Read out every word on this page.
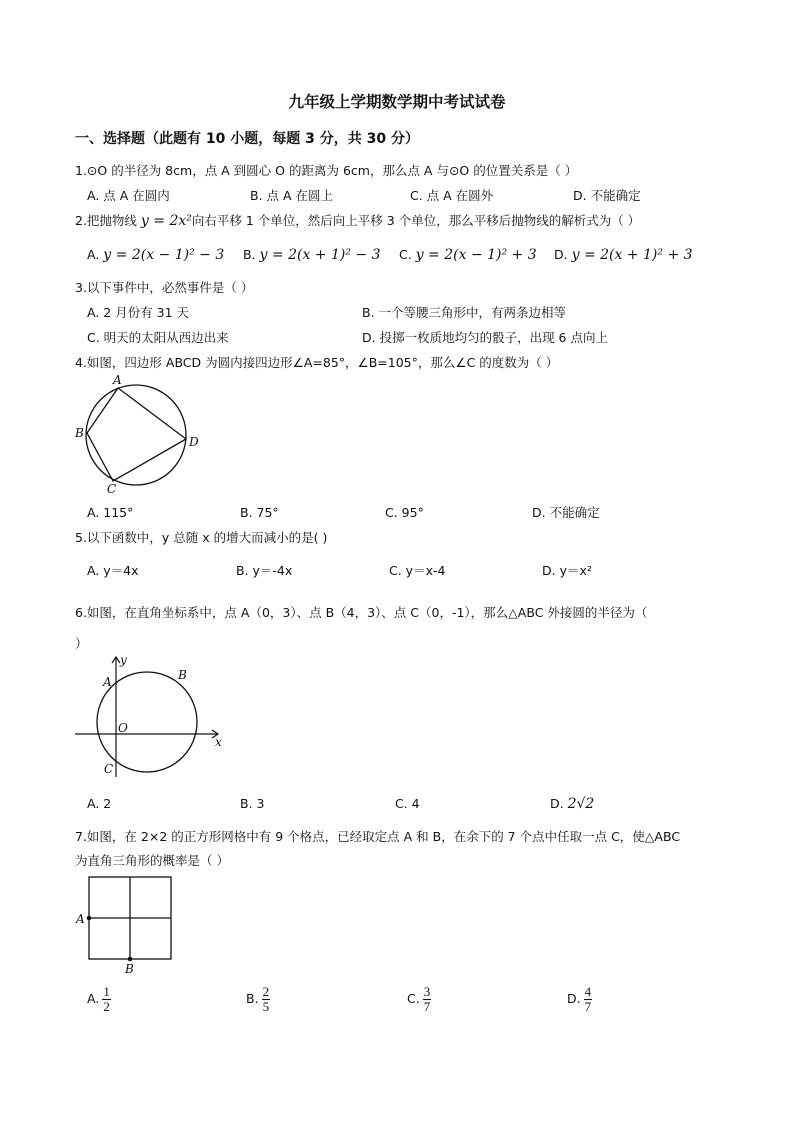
九年级上学期数学期中考试试卷
一、选择题（此题有 10 小题，每题 3 分，共 30 分）
1.⊙O 的半径为 8cm，点 A 到圆心 O 的距离为 6cm，那么点 A 与⊙O 的位置关系是（ ）
A. 点 A 在圆内	B. 点 A 在圆上	C. 点 A 在圆外	D. 不能确定
2.把抛物线 y = 2x²向右平移 1 个单位，然后向上平移 3 个单位，那么平移后抛物线的解析式为（ ）
A. y = 2(x − 1)² − 3 B. y = 2(x + 1)² − 3 C. y = 2(x − 1)² + 3 D. y = 2(x + 1)² + 3
3.以下事件中，必然事件是（ ）
A. 2 月份有 31 天	B. 一个等腰三角形中，有两条边相等
C. 明天的太阳从西边出来	D. 投掷一枚质地均匀的骰子，出现 6 点向上
4.如图，四边形 ABCD 为圆内接四边形∠A=85°，∠B=105°，那么∠C 的度数为（ ）
A
B
C
D
A. 115°	B. 75°	C. 95°	D. 不能确定
5.以下函数中，y 总随 x 的增大而减小的是( )
A. y＝4x	B. y＝-4x	C. y＝x-4	D. y＝x²
6.如图，在直角坐标系中，点 A（0，3）、点 B（4，3）、点 C（0，-1），那么△ABC 外接圆的半径为（
）
A	B
C
O
x
y
A. 2	B. 3	C. 4	D. 2√2
7.如图，在 2×2 的正方形网格中有 9 个格点，已经取定点 A 和 B，在余下的 7 个点中任取一点 C，使△ABC
为直角三角形的概率是（ ）
A
B
A. $\frac{1}{2}$	B. $\frac{2}{5}$	C. $\frac{3}{7}$	D. $\frac{4}{7}$
